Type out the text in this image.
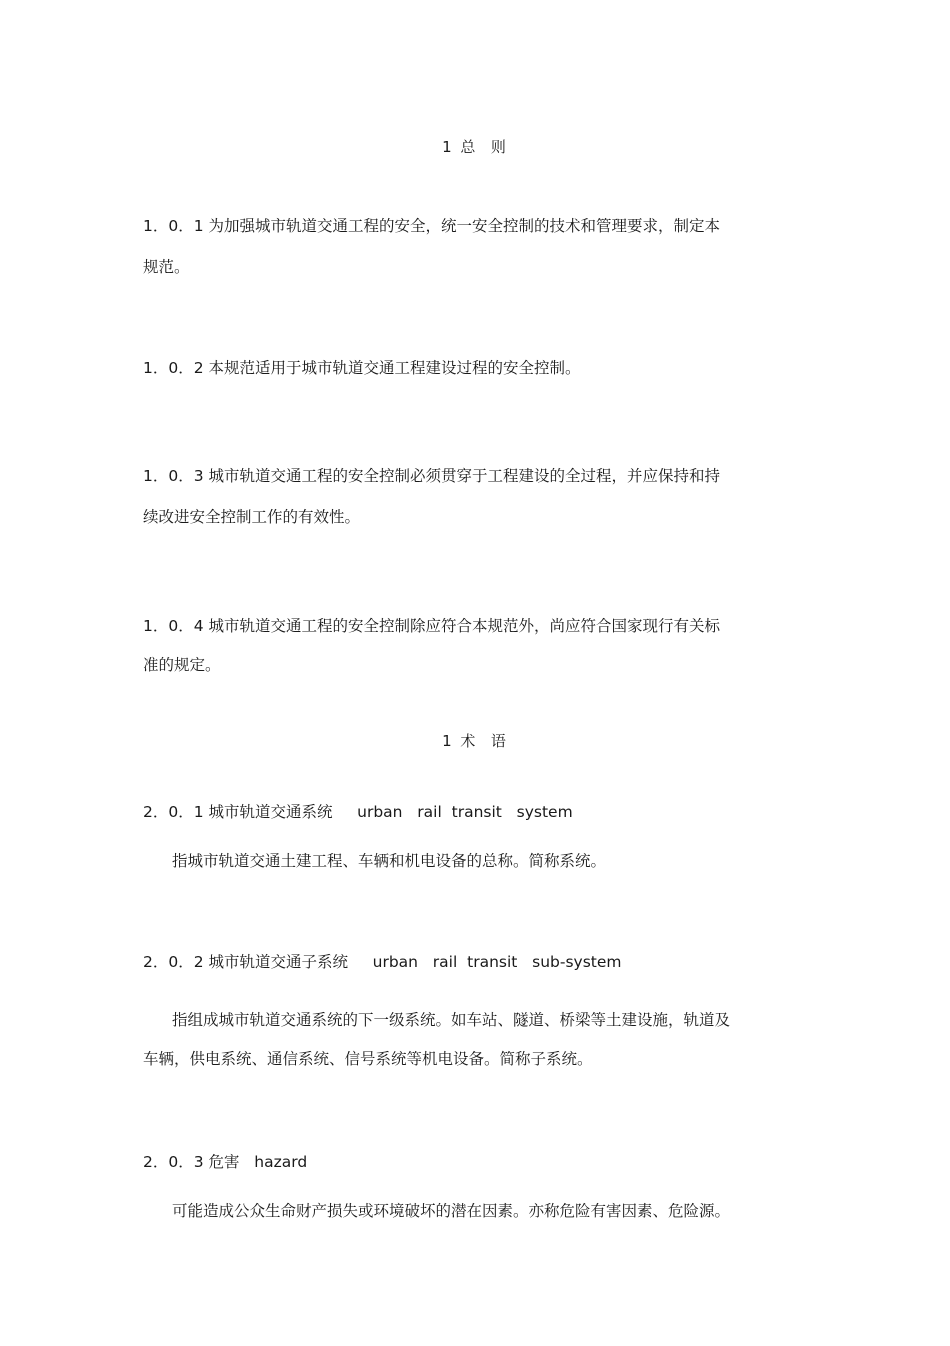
1 总  则
1．0．1 为加强城市轨道交通工程的安全，统一安全控制的技术和管理要求，制定本
规范。
1．0．2 本规范适用于城市轨道交通工程建设过程的安全控制。
1．0．3 城市轨道交通工程的安全控制必须贯穿于工程建设的全过程，并应保持和持
续改进安全控制工作的有效性。
1．0．4 城市轨道交通工程的安全控制除应符合本规范外，尚应符合国家现行有关标
准的规定。
1 术  语
2．0．1 城市轨道交通系统     urban   rail  transit   system
指城市轨道交通土建工程、车辆和机电设备的总称。简称系统。
2．0．2 城市轨道交通子系统     urban   rail  transit   sub-system
指组成城市轨道交通系统的下一级系统。如车站、隧道、桥梁等土建设施，轨道及
车辆，供电系统、通信系统、信号系统等机电设备。简称子系统。
2．0．3 危害   hazard
可能造成公众生命财产损失或环境破坏的潜在因素。亦称危险有害因素、危险源。
